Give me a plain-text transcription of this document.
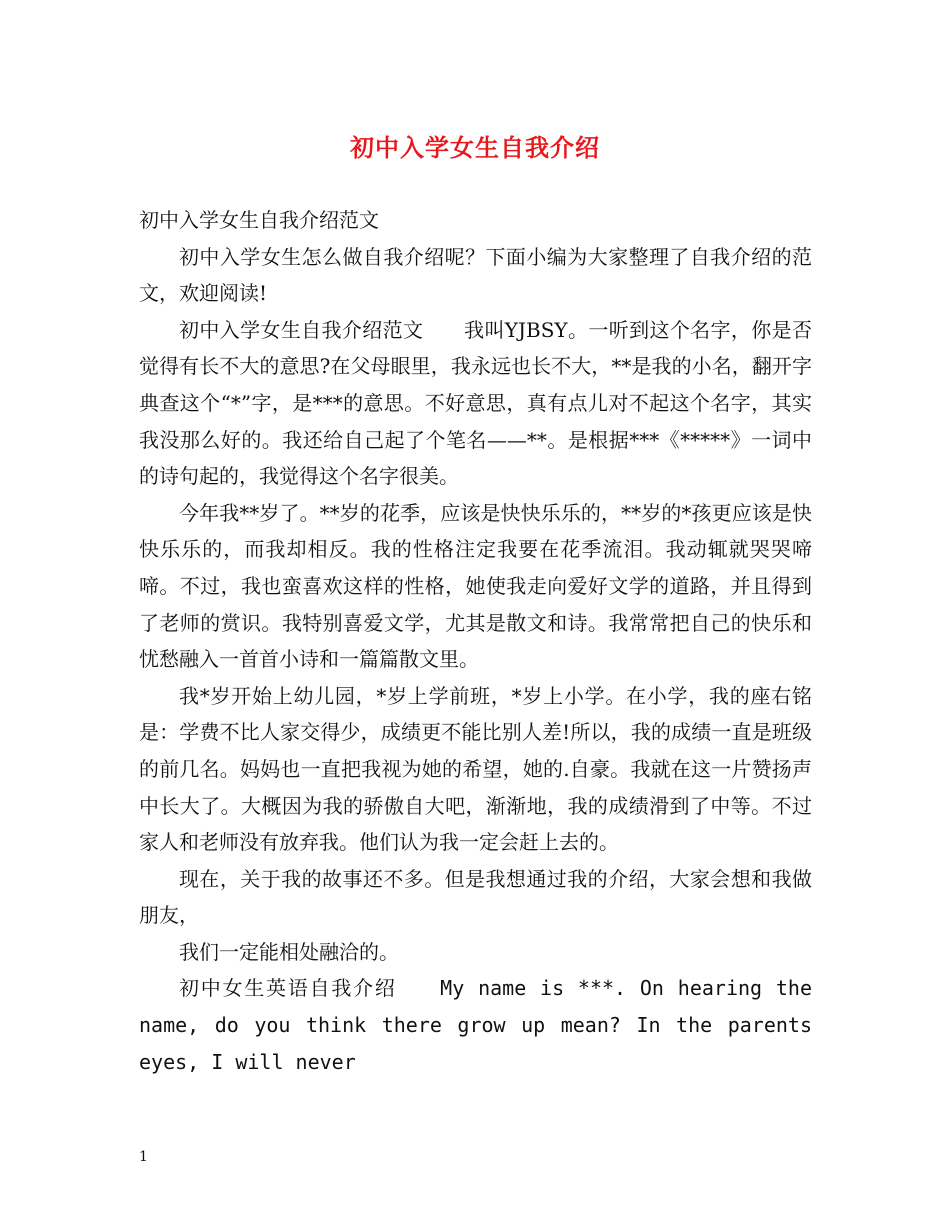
初中入学女生自我介绍

初中入学女生自我介绍范文

初中入学女生怎么做自我介绍呢？下面小编为大家整理了自我介绍的范文，欢迎阅读!

初中入学女生自我介绍范文　　我叫YJBSY。一听到这个名字，你是否觉得有长不大的意思?在父母眼里，我永远也长不大，**是我的小名，翻开字典查这个“*”字，是***的意思。不好意思，真有点儿对不起这个名字，其实我没那么好的。我还给自己起了个笔名——**。是根据***《*****》一词中的诗句起的，我觉得这个名字很美。

今年我**岁了。**岁的花季，应该是快快乐乐的，**岁的*孩更应该是快快乐乐的，而我却相反。我的性格注定我要在花季流泪。我动辄就哭哭啼啼。不过，我也蛮喜欢这样的性格，她使我走向爱好文学的道路，并且得到了老师的赏识。我特别喜爱文学，尤其是散文和诗。我常常把自己的快乐和忧愁融入一首首小诗和一篇篇散文里。

我*岁开始上幼儿园，*岁上学前班，*岁上小学。在小学，我的座右铭是：学费不比人家交得少，成绩更不能比别人差!所以，我的成绩一直是班级的前几名。妈妈也一直把我视为她的希望，她的.自豪。我就在这一片赞扬声中长大了。大概因为我的骄傲自大吧，渐渐地，我的成绩滑到了中等。不过家人和老师没有放弃我。他们认为我一定会赶上去的。

现在，关于我的故事还不多。但是我想通过我的介绍，大家会想和我做朋友，

我们一定能相处融洽的。

初中女生英语自我介绍　　My name is ***. On hearing the name, do you think there grow up mean? In the parents eyes, I will never

1
